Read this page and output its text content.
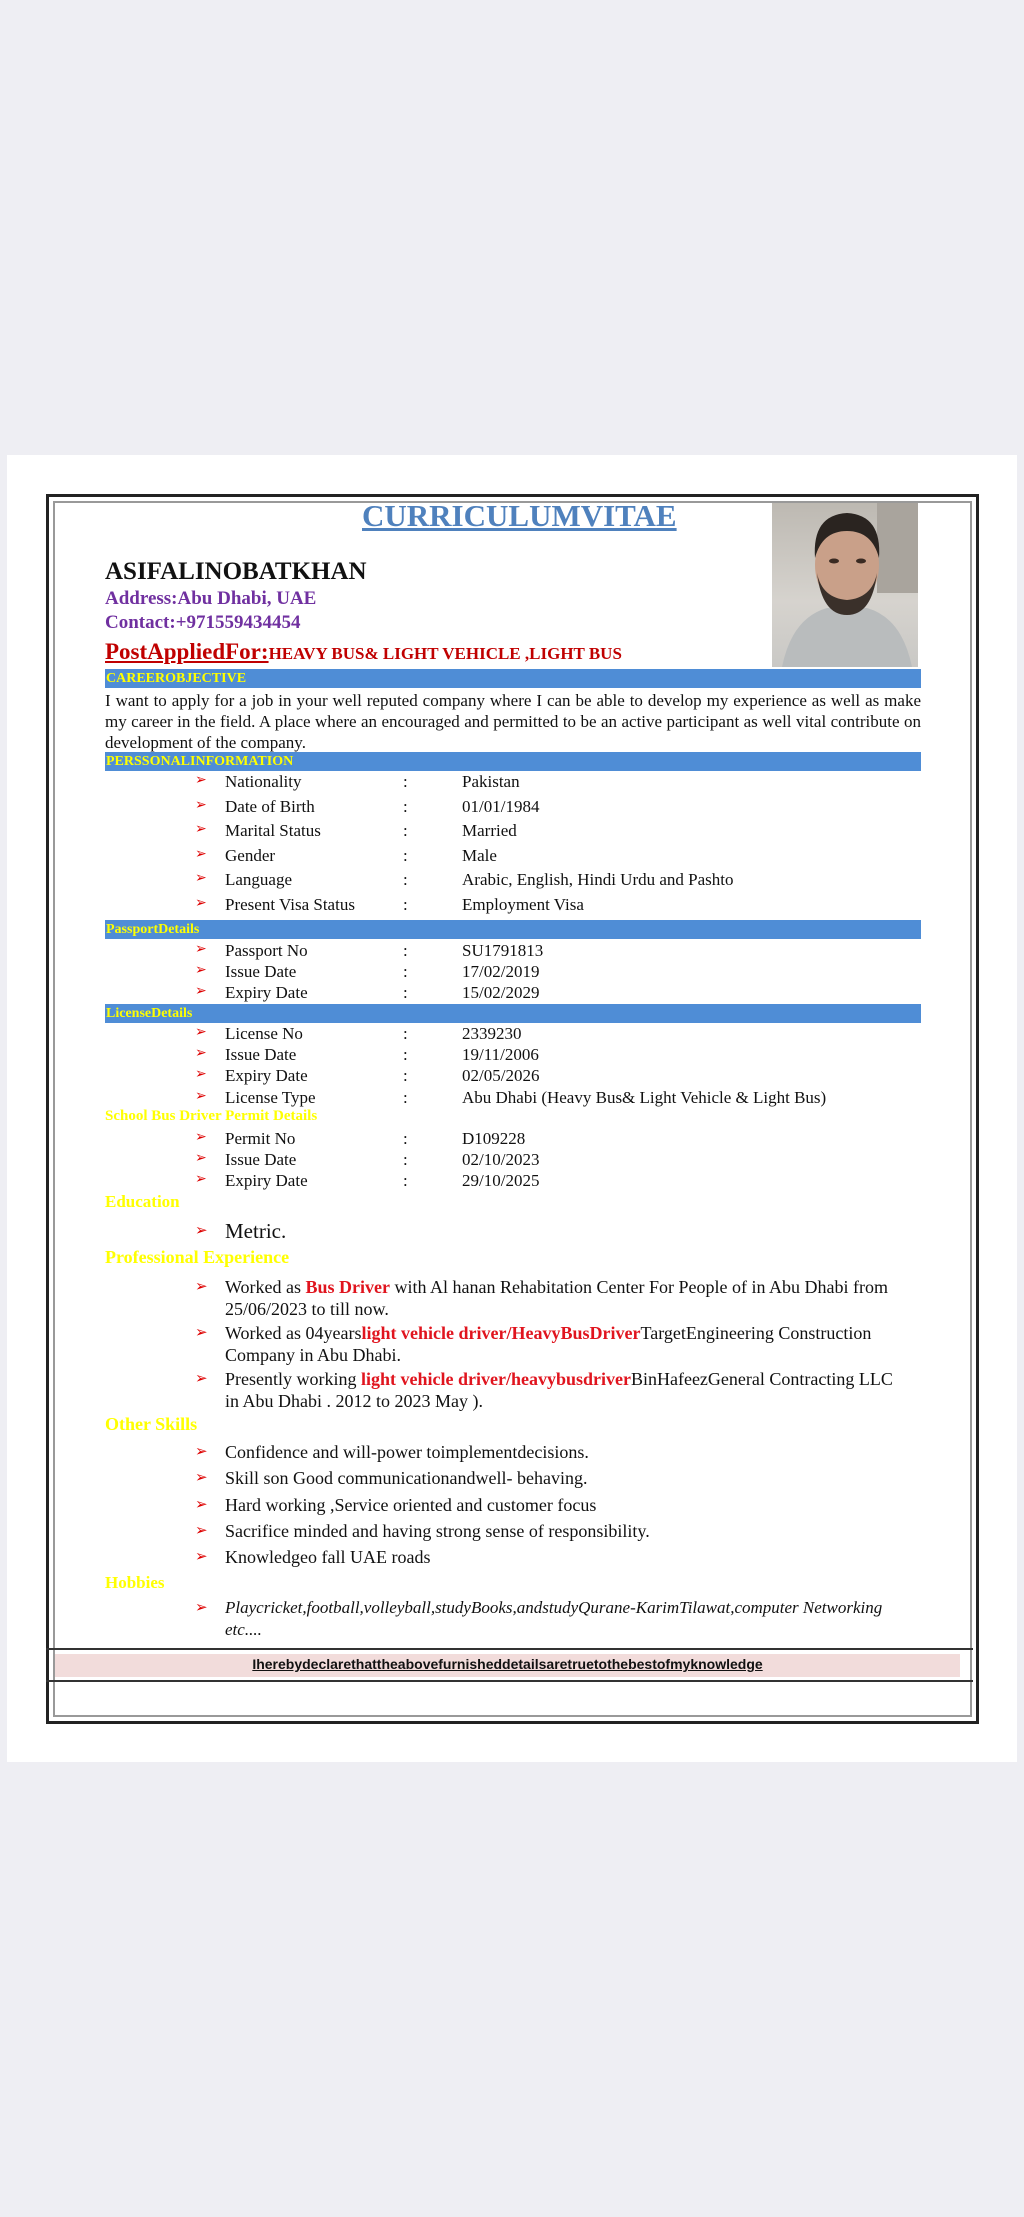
CURRICULUMVITAE
ASIFALINOBATKHAN
Address:Abu Dhabi, UAE
Contact:+971559434454
PostAppliedFor:HEAVY BUS& LIGHT VEHICLE ,LIGHT BUS
CAREEROBJECTIVE
I want to apply for a job in your well reputed company where I can be able to develop my experience as well as make my career in the field. A place where an encouraged and permitted to be an active participant as well vital contribute on development of the company.
PERSSONALINFORMATION
➢ Nationality	:	Pakistan
➢ Date of Birth	:	01/01/1984
➢ Marital Status	:	Married
➢ Gender	:	Male
➢ Language	:	Arabic, English, Hindi Urdu and Pashto
➢ Present Visa Status	:	Employment Visa
PassportDetails
➢ Passport No	:	SU1791813
➢ Issue Date	:	17/02/2019
➢ Expiry Date	:	15/02/2029
LicenseDetails
➢ License No	:	2339230
➢ Issue Date	:	19/11/2006
➢ Expiry Date	:	02/05/2026
➢ License Type	:	Abu Dhabi (Heavy Bus& Light Vehicle & Light Bus)
School Bus Driver Permit Details
➢ Permit No	:	D109228
➢ Issue Date	:	02/10/2023
➢ Expiry Date	:	29/10/2025
Education
➢ Metric.
Professional Experience
➢ Worked as Bus Driver with Al hanan Rehabitation Center For People of in Abu Dhabi from 25/06/2023 to till now.
➢ Worked as 04yearslight vehicle driver/HeavyBusDriverTargetEngineering Construction Company in Abu Dhabi.
➢ Presently working light vehicle driver/heavybusdriverBinHafeezGeneral Contracting LLC in Abu Dhabi . 2012 to 2023 May ).
Other Skills
➢ Confidence and will-power toimplementdecisions.
➢ Skill son Good communicationandwell- behaving.
➢ Hard working ,Service oriented and customer focus
➢ Sacrifice minded and having strong sense of responsibility.
➢ Knowledgeo fall UAE roads
Hobbies
➢ Playcricket,football,volleyball,studyBooks,andstudyQurane-KarimTilawat,computer Networking etc....
Iherebydeclarethattheabovefurnisheddetailsaretruetothebestofmyknowledge
